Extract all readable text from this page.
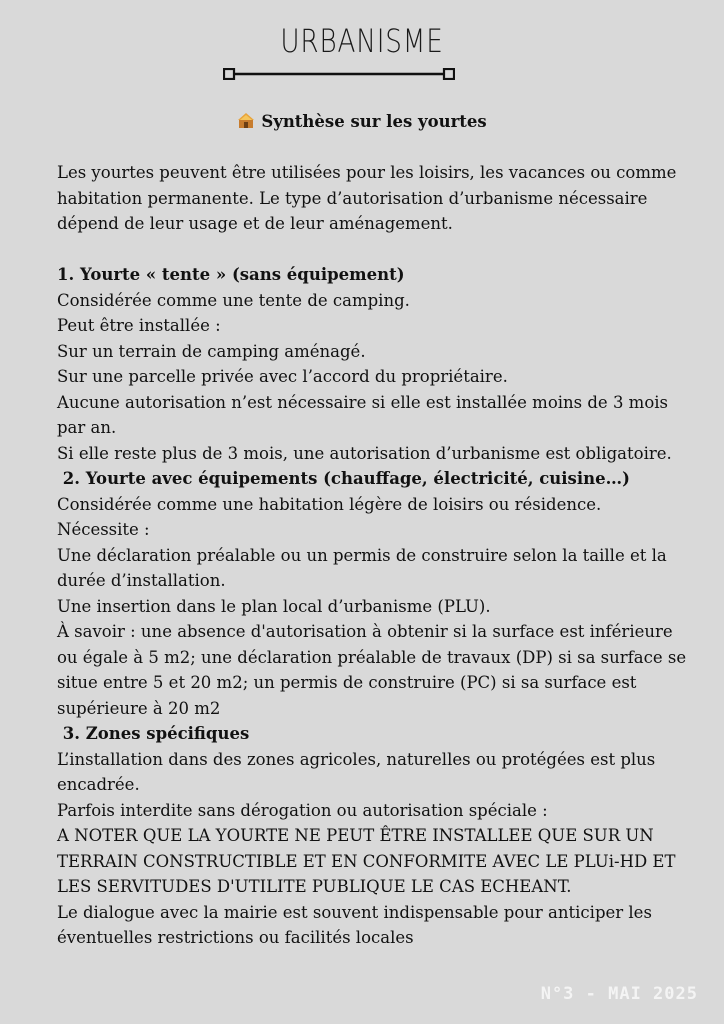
URBANISME
Synthèse sur les yourtes

Les yourtes peuvent être utilisées pour les loisirs, les vacances ou comme habitation permanente. Le type d’autorisation d’urbanisme nécessaire dépend de leur usage et de leur aménagement.

1. Yourte « tente » (sans équipement)

Considérée comme une tente de camping.

Peut être installée :

Sur un terrain de camping aménagé.

Sur une parcelle privée avec l’accord du propriétaire.

Aucune autorisation n’est nécessaire si elle est installée moins de 3 mois par an.

Si elle reste plus de 3 mois, une autorisation d’urbanisme est obligatoire.

2. Yourte avec équipements (chauffage, électricité, cuisine…)

Considérée comme une habitation légère de loisirs ou résidence.

Nécessite :

Une déclaration préalable ou un permis de construire selon la taille et la durée d’installation.

Une insertion dans le plan local d’urbanisme (PLU).

À savoir : une absence d'autorisation à obtenir si la surface est inférieure ou égale à 5 m2; une déclaration préalable de travaux (DP) si sa surface se situe entre 5 et 20 m2; un permis de construire (PC) si sa surface est supérieure à 20 m2

3. Zones spécifiques

L’installation dans des zones agricoles, naturelles ou protégées est plus encadrée.

Parfois interdite sans dérogation ou autorisation spéciale :

A NOTER QUE LA YOURTE NE PEUT ÊTRE INSTALLEE QUE SUR UN TERRAIN CONSTRUCTIBLE ET EN CONFORMITE AVEC LE PLUi-HD ET LES SERVITUDES D'UTILITE PUBLIQUE LE CAS ECHEANT.

Le dialogue avec la mairie est souvent indispensable pour anticiper les éventuelles restrictions ou facilités locales

N°3 - MAI 2025
